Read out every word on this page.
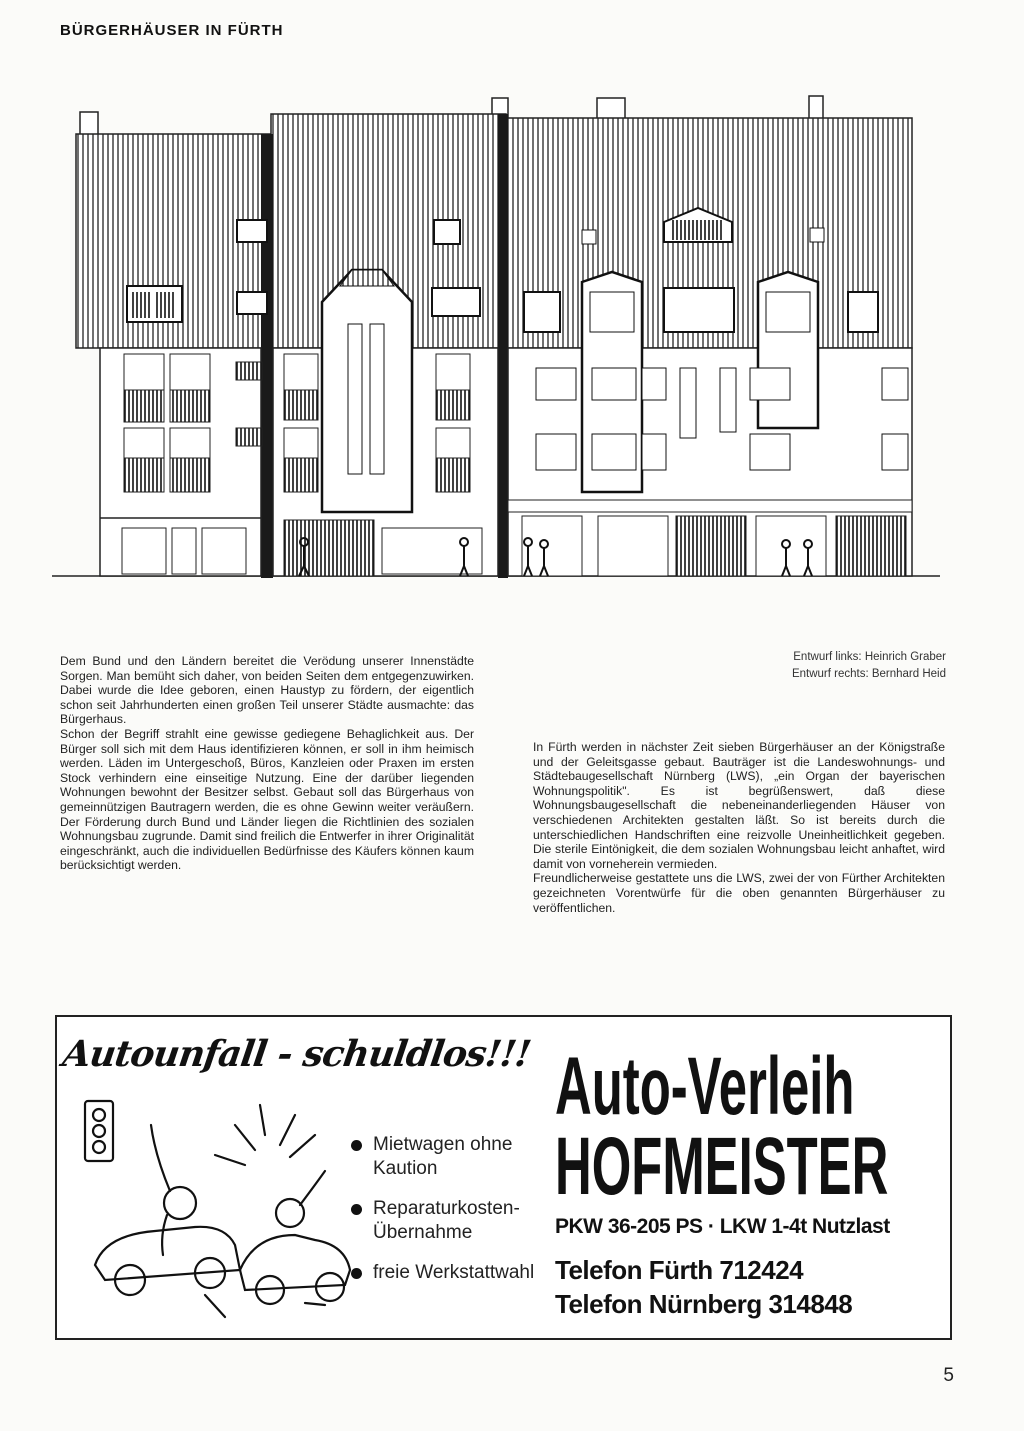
BÜRGERHÄUSER IN FÜRTH
Entwurf links: Heinrich Graber
Entwurf rechts: Bernhard Heid

Dem Bund und den Ländern bereitet die Verödung unserer Innenstädte Sorgen. Man bemüht sich daher, von beiden Seiten dem entgegenzuwirken. Dabei wurde die Idee geboren, einen Haustyp zu fördern, der eigentlich schon seit Jahrhunderten einen großen Teil unserer Städte ausmachte: das Bürgerhaus.

Schon der Begriff strahlt eine gewisse gediegene Behaglichkeit aus. Der Bürger soll sich mit dem Haus identifizieren können, er soll in ihm heimisch werden. Läden im Untergeschoß, Büros, Kanzleien oder Praxen im ersten Stock verhindern eine einseitige Nutzung. Eine der darüber liegenden Wohnungen bewohnt der Besitzer selbst. Gebaut soll das Bürgerhaus von gemeinnützigen Bautragern werden, die es ohne Gewinn weiter veräußern. Der Förderung durch Bund und Länder liegen die Richtlinien des sozialen Wohnungsbau zugrunde. Damit sind freilich die Entwerfer in ihrer Originalität eingeschränkt, auch die individuellen Bedürfnisse des Käufers können kaum berücksichtigt werden.

In Fürth werden in nächster Zeit sieben Bürgerhäuser an der Königstraße und der Geleitsgasse gebaut. Bauträger ist die Landeswohnungs- und Städtebaugesellschaft Nürnberg (LWS), „ein Organ der bayerischen Wohnungspolitik". Es ist begrüßenswert, daß diese Wohnungsbaugesellschaft die nebeneinanderliegenden Häuser von verschiedenen Architekten gestalten läßt. So ist bereits durch die unterschiedlichen Handschriften eine reizvolle Uneinheitlichkeit gegeben. Die sterile Eintönigkeit, die dem sozialen Wohnungsbau leicht anhaftet, wird damit von vorneherein vermieden.

Freundlicherweise gestattete uns die LWS, zwei der von Fürther Architekten gezeichneten Vorentwürfe für die oben genannten Bürgerhäuser zu veröffentlichen.

Autounfall - schuldlos!!!
Mietwagen ohne Kaution
Reparaturkosten-Übernahme
freie Werkstattwahl
Auto-Verleih
HOFMEISTER
PKW 36-205 PS · LKW 1-4t Nutzlast
Telefon Fürth 712424
Telefon Nürnberg 314848
5
